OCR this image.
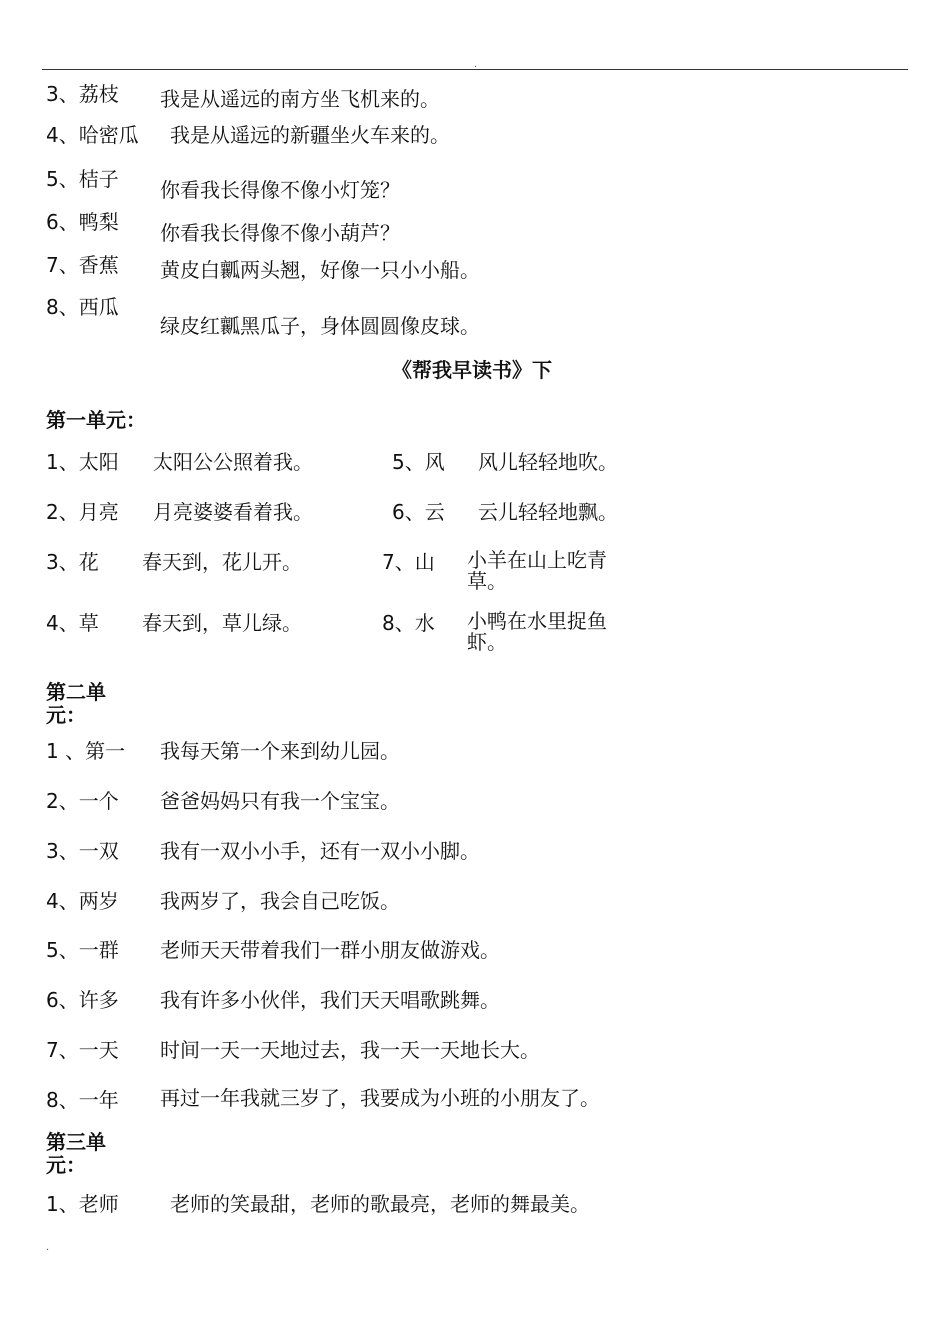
.
3、荔枝 我是从遥远的南方坐飞机来的。
4、哈密瓜 我是从遥远的新疆坐火车来的。
5、桔子 你看我长得像不像小灯笼？
6、鸭梨 你看我长得像不像小葫芦？
7、香蕉 黄皮白瓤两头翘，好像一只小小船。
8、西瓜
绿皮红瓤黑瓜子，身体圆圆像皮球。
《帮我早读书》下
第一单元：
1、太阳 太阳公公照着我。
2、月亮 月亮婆婆看着我。
3、花 春天到，花儿开。
4、草 春天到，草儿绿。
5、风 风儿轻轻地吹。
6、云 云儿轻轻地飘。
7、山 小羊在山上吃青草。
8、水 小鸭在水里捉鱼虾。
第二单元：
1 、第一 我每天第一个来到幼儿园。
2、一个 爸爸妈妈只有我一个宝宝。
3、一双 我有一双小小手，还有一双小小脚。
4、两岁 我两岁了，我会自己吃饭。
5、一群 老师天天带着我们一群小朋友做游戏。
6、许多 我有许多小伙伴，我们天天唱歌跳舞。
7、一天 时间一天一天地过去，我一天一天地长大。
8、一年 再过一年我就三岁了，我要成为小班的小朋友了。
第三单元：
1、老师	老师的笑最甜，老师的歌最亮，老师的舞最美。
.
